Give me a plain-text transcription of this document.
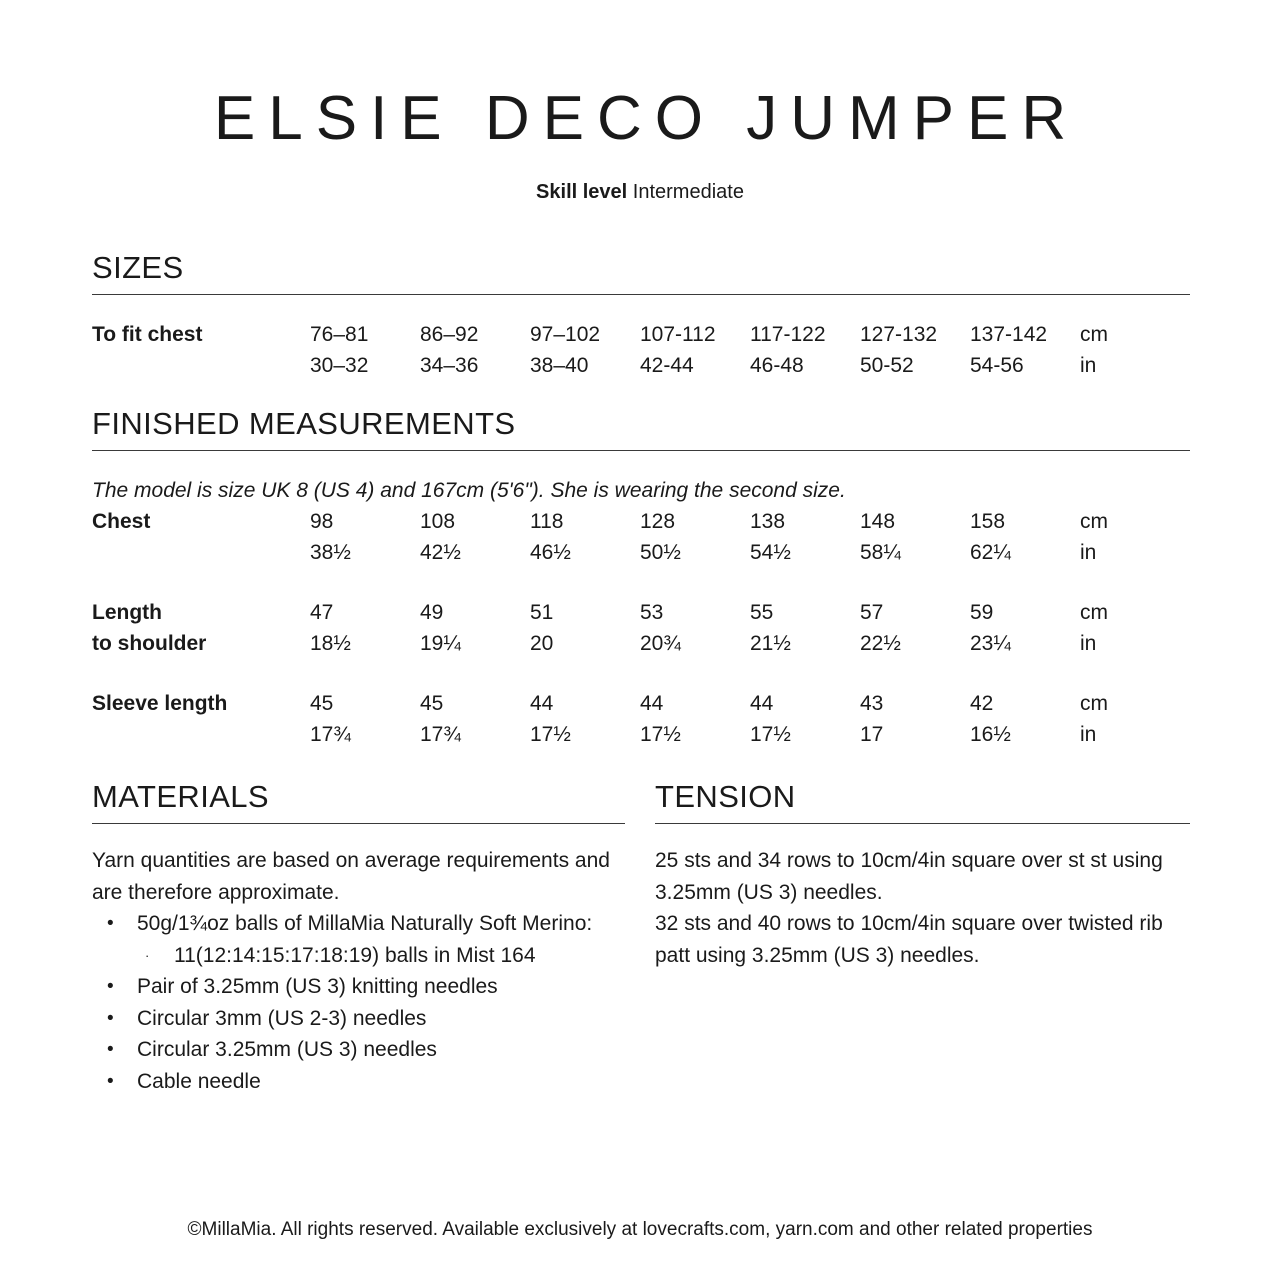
ELSIE DECO JUMPER
Skill level Intermediate
SIZES
To fit chest	76–81	86–92	97–102	107-112	117-122	127-132	137-142	cm
	30–32	34–36	38–40	42-44	46-48	50-52	54-56	in
FINISHED MEASUREMENTS
The model is size UK 8 (US 4) and 167cm (5'6"). She is wearing the second size.
Chest	98	108	118	128	138	148	158	cm
	38½	42½	46½	50½	54½	58¼	62¼	in

Length	47	49	51	53	55	57	59	cm
to shoulder	18½	19¼	20	20¾	21½	22½	23¼	in

Sleeve length	45	45	44	44	44	43	42	cm
	17¾	17¾	17½	17½	17½	17	16½	in
MATERIALS

Yarn quantities are based on average requirements and are therefore approximate.

• 50g/1¾oz balls of MillaMia Naturally Soft Merino:
· 11(12:14:15:17:18:19) balls in Mist 164
• Pair of 3.25mm (US 3) knitting needles
• Circular 3mm (US 2-3) needles
• Circular 3.25mm (US 3) needles
• Cable needle
TENSION

25 sts and 34 rows to 10cm/4in square over st st using 3.25mm (US 3) needles.

32 sts and 40 rows to 10cm/4in square over twisted rib patt using 3.25mm (US 3) needles.

©MillaMia. All rights reserved. Available exclusively at lovecrafts.com, yarn.com and other related properties
